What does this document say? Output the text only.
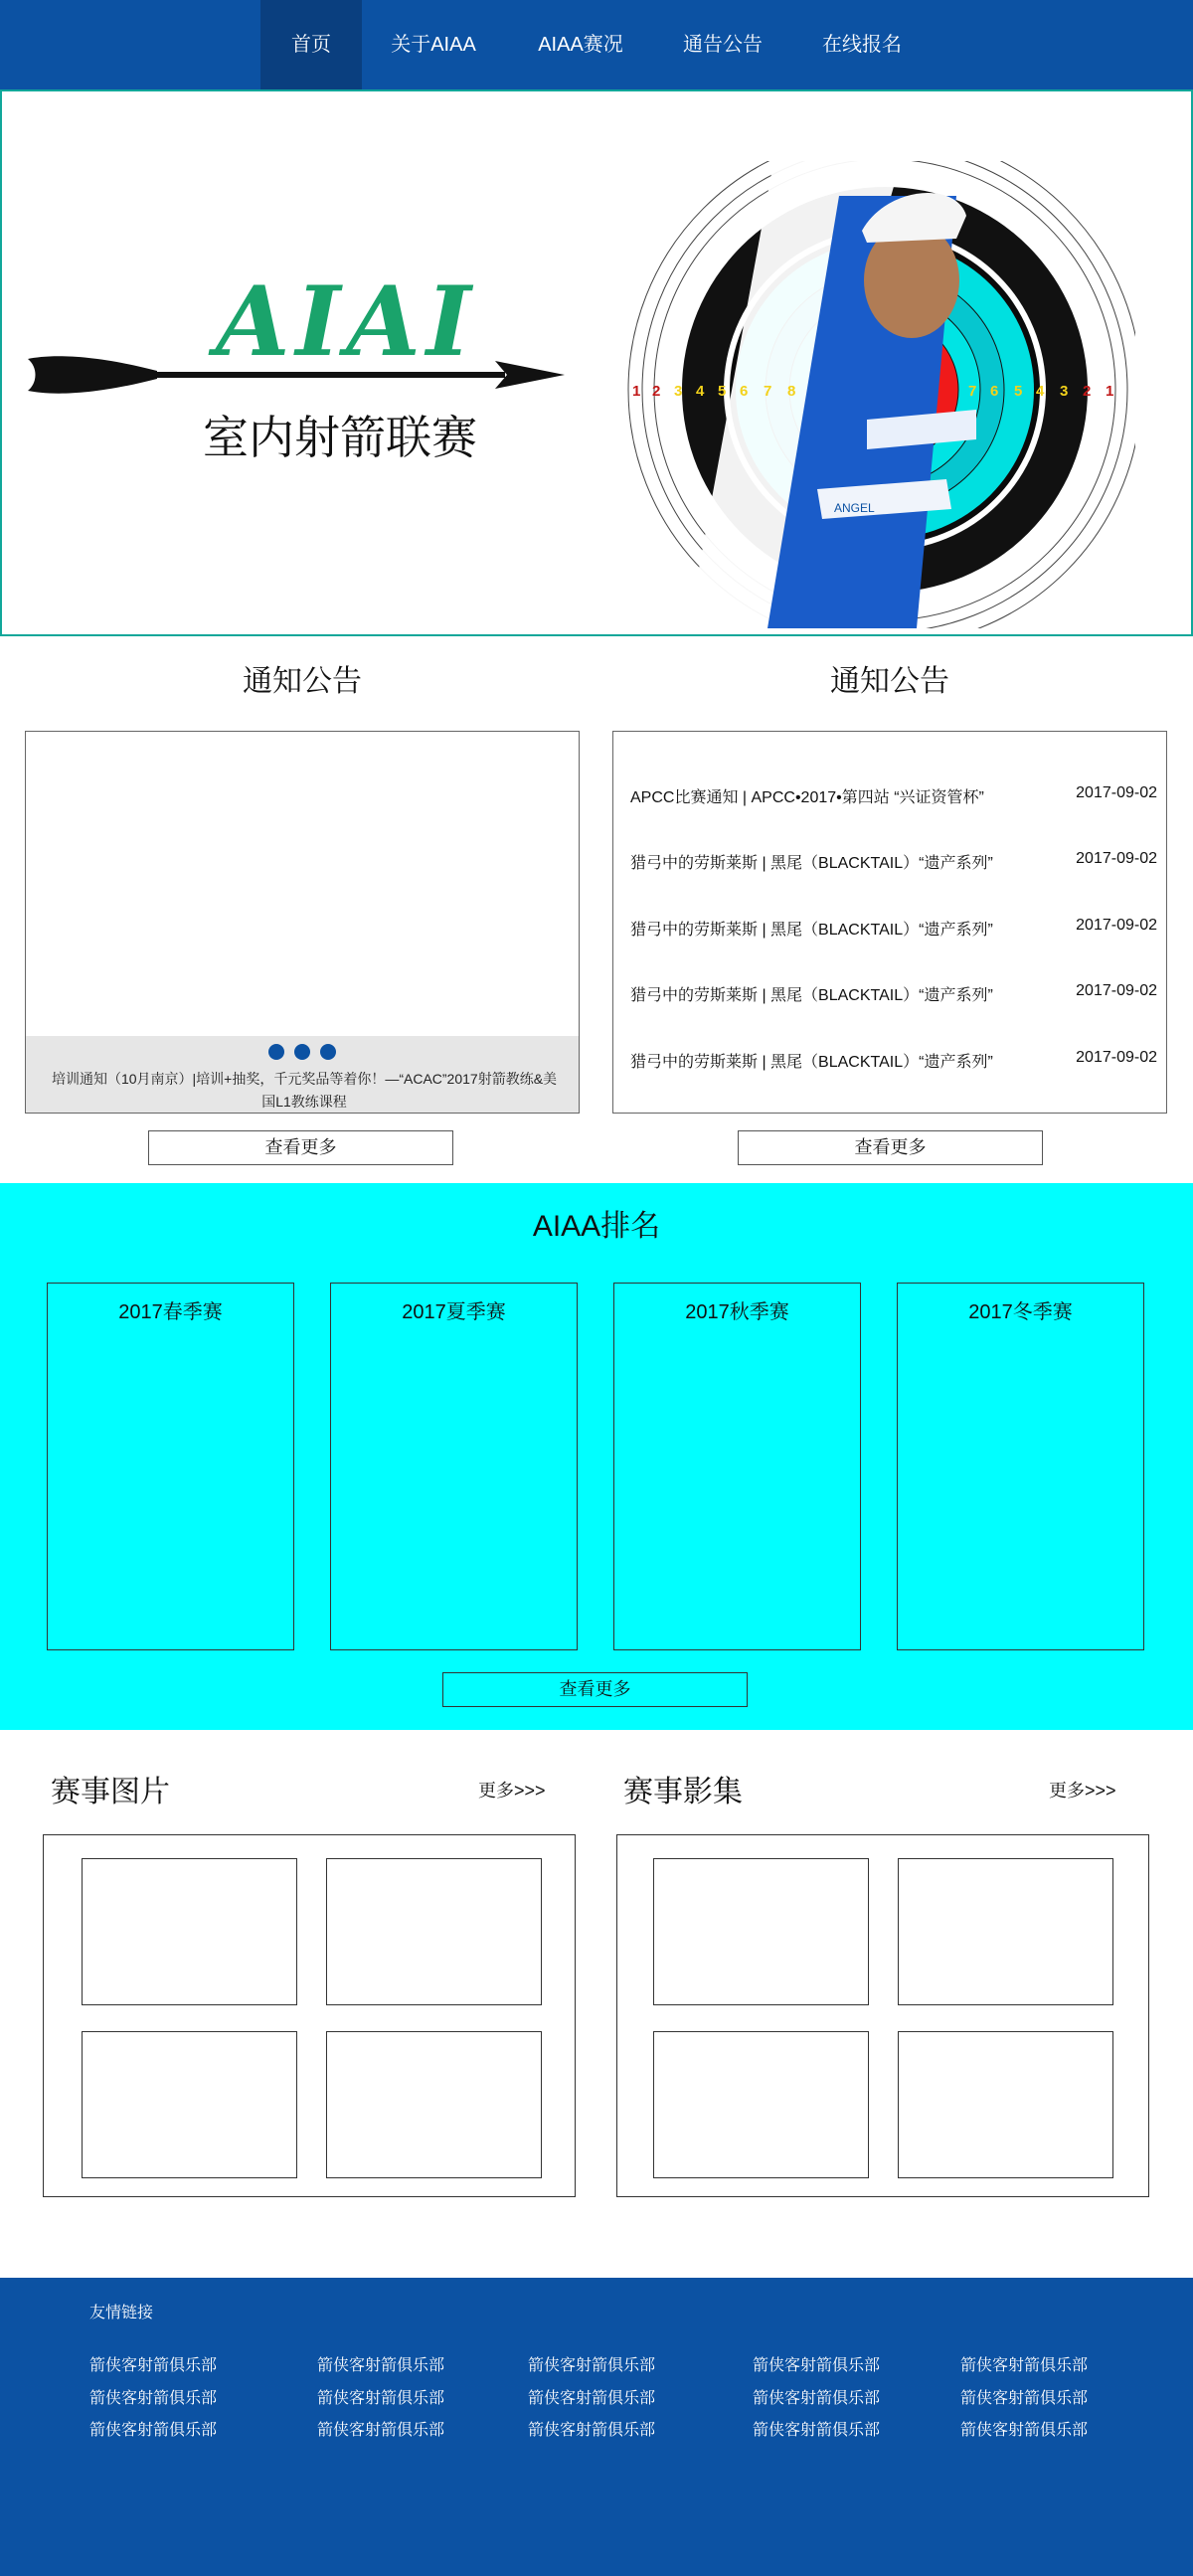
首页	关于AIAA	AIAA赛况	通告公告	在线报名
AIAI
室内射箭联赛
ANGEL
1 2 3 4 5 6 7 8	7 6 5 4 3 2 1
通知公告	通知公告
培训通知（10月南京）|培训+抽奖，千元奖品等着你！—“ACAC”2017射箭教练&美国L1教练课程
APCC比赛通知 | APCC•2017•第四站 “兴证资管杯”	2017-09-02
猎弓中的劳斯莱斯 | 黑尾（BLACKTAIL）“遗产系列”	2017-09-02
猎弓中的劳斯莱斯 | 黑尾（BLACKTAIL）“遗产系列”	2017-09-02
猎弓中的劳斯莱斯 | 黑尾（BLACKTAIL）“遗产系列”	2017-09-02
猎弓中的劳斯莱斯 | 黑尾（BLACKTAIL）“遗产系列”	2017-09-02
查看更多	查看更多
AIAA排名
2017春季赛	2017夏季赛	2017秋季赛	2017冬季赛
查看更多
赛事图片	更多>>>	赛事影集	更多>>>
友情链接
箭侠客射箭俱乐部	箭侠客射箭俱乐部	箭侠客射箭俱乐部	箭侠客射箭俱乐部	箭侠客射箭俱乐部
箭侠客射箭俱乐部	箭侠客射箭俱乐部	箭侠客射箭俱乐部	箭侠客射箭俱乐部	箭侠客射箭俱乐部
箭侠客射箭俱乐部	箭侠客射箭俱乐部	箭侠客射箭俱乐部	箭侠客射箭俱乐部	箭侠客射箭俱乐部
